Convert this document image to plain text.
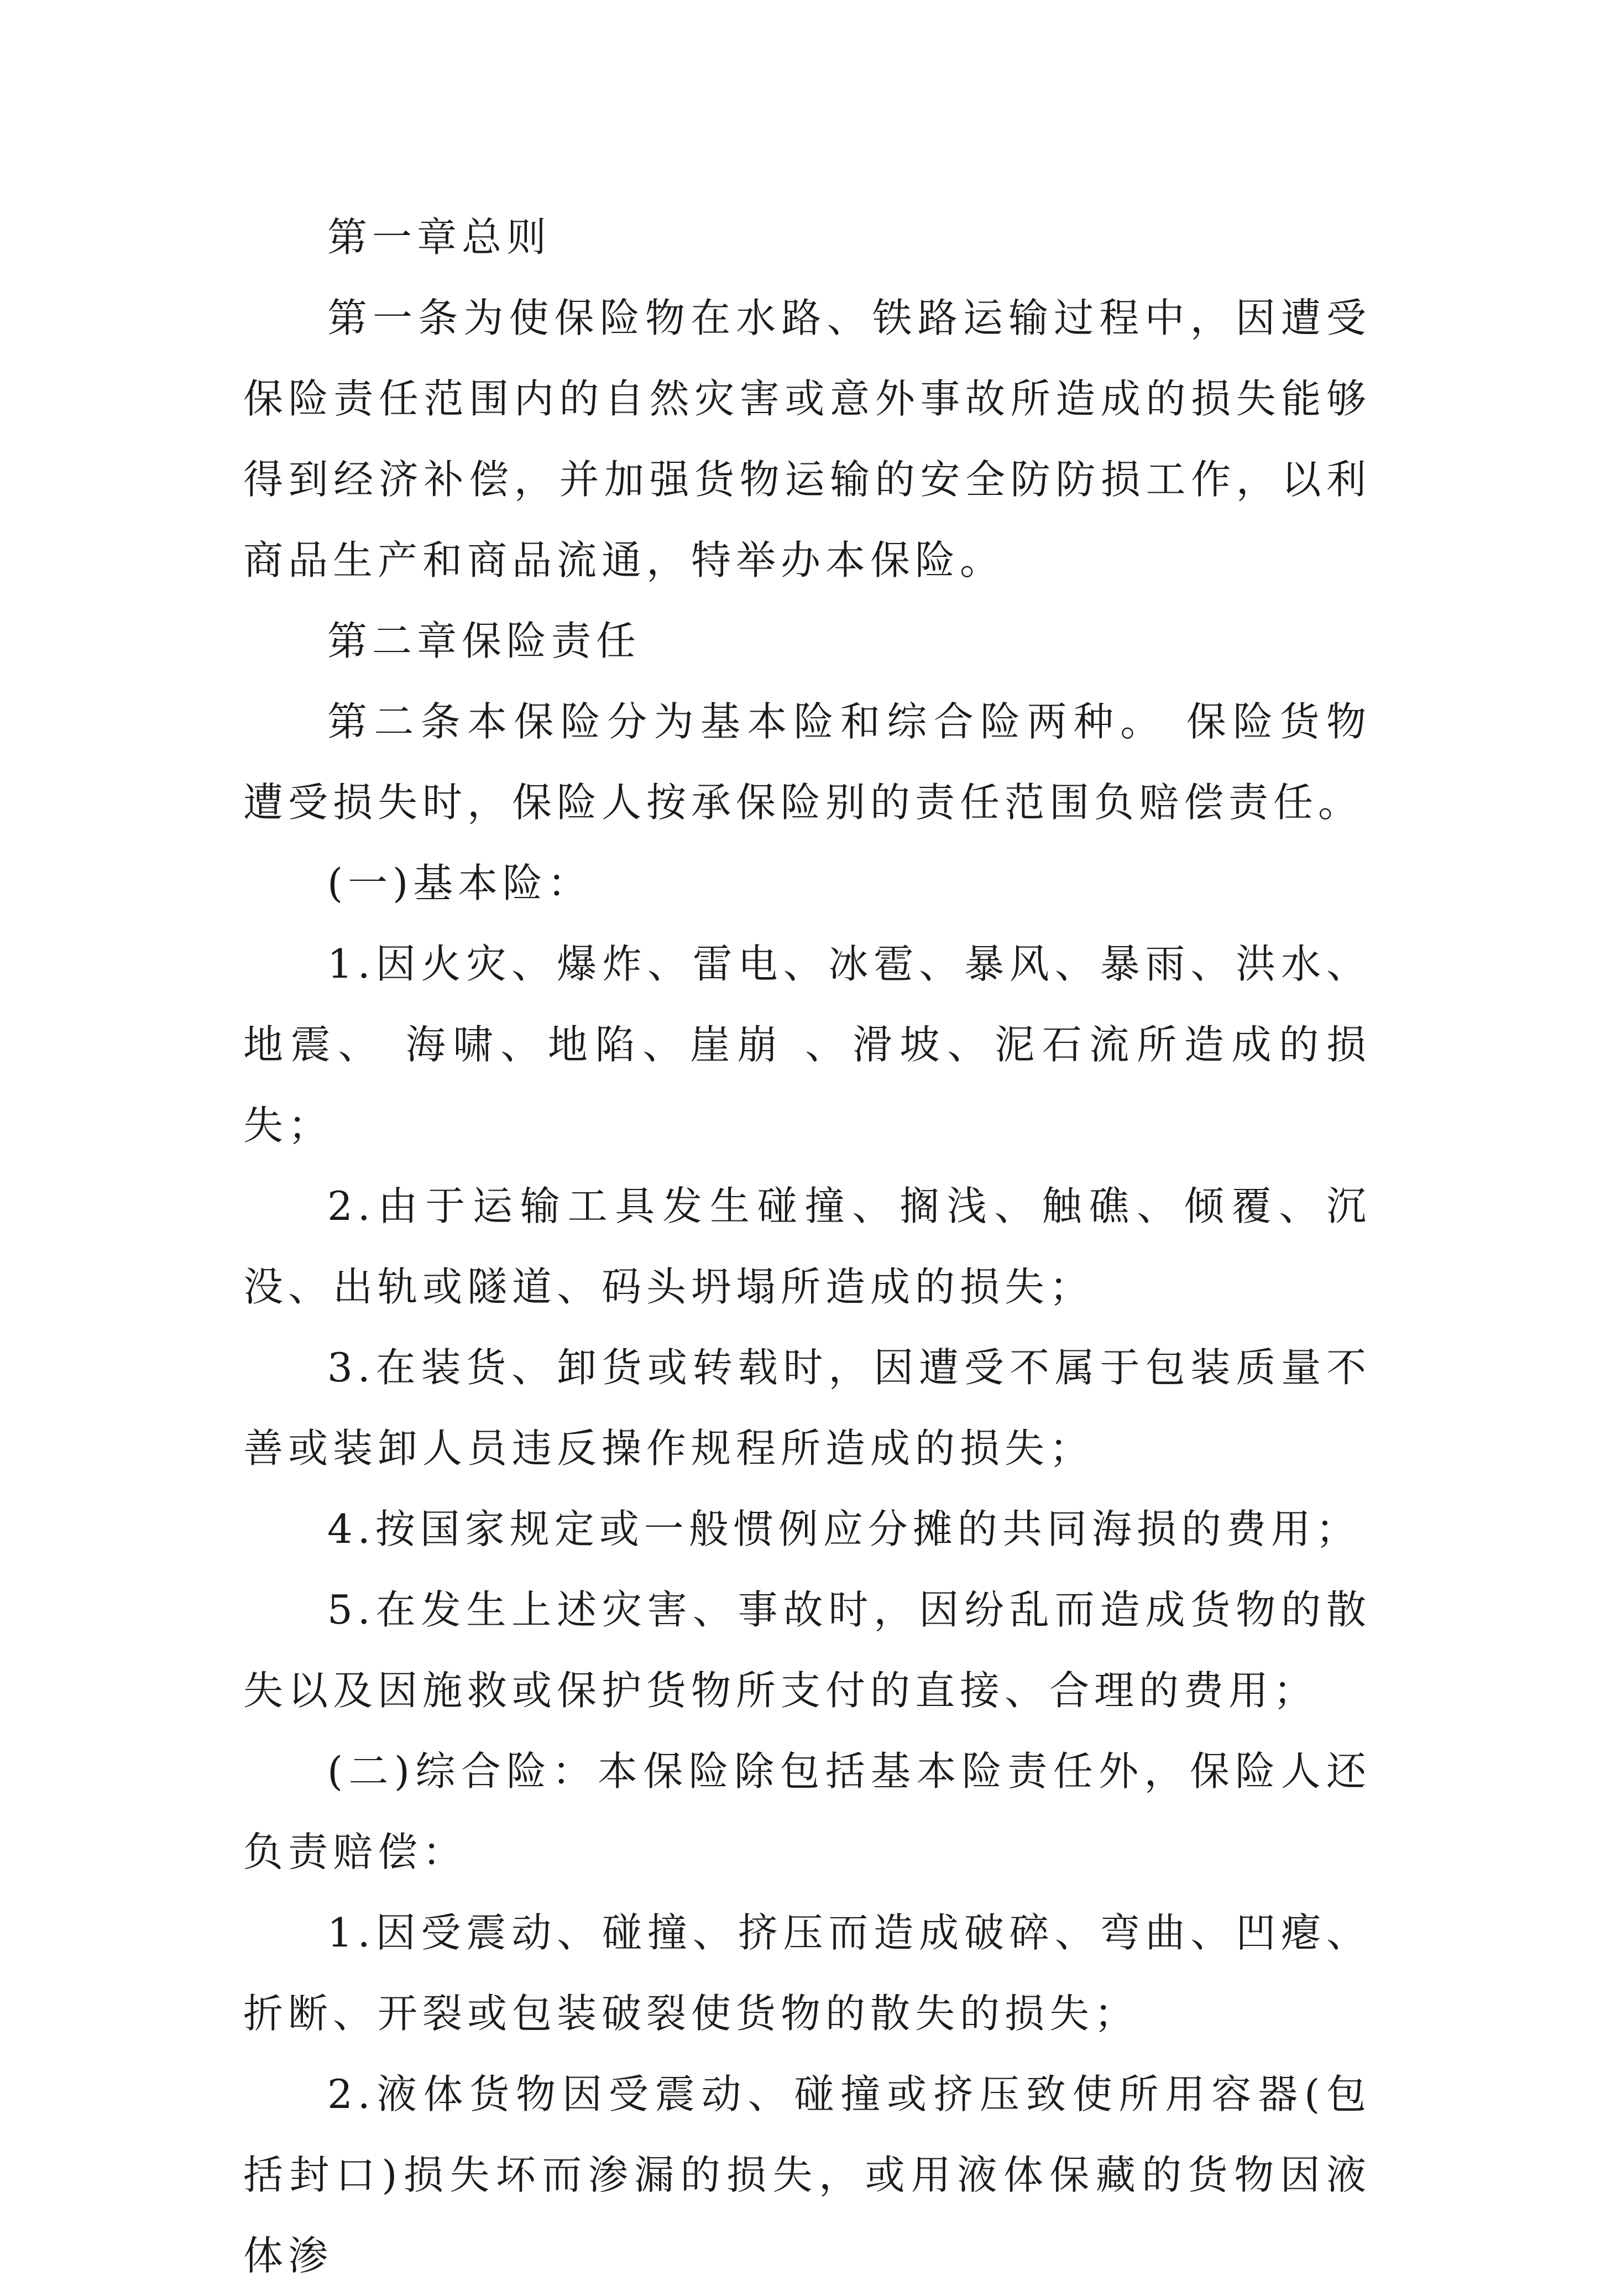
第一章总则

第一条为使保险物在水路、铁路运输过程中，因遭受保险责任范围内的自然灾害或意外事故所造成的损失能够得到经济补偿，并加强货物运输的安全防防损工作，以利商品生产和商品流通，特举办本保险。

第二章保险责任

第二条本保险分为基本险和综合险两种。 保险货物遭受损失时，保险人按承保险别的责任范围负赔偿责任。

(一)基本险：

1.因火灾、爆炸、雷电、冰雹、暴风、暴雨、洪水、地震、 海啸、地陷、崖崩 、滑坡、泥石流所造成的损失；

2.由于运输工具发生碰撞、搁浅、触礁、倾覆、沉没、出轨或隧道、码头坍塌所造成的损失；

3.在装货、卸货或转载时，因遭受不属于包装质量不善或装卸人员违反操作规程所造成的损失；

4.按国家规定或一般惯例应分摊的共同海损的费用；

5.在发生上述灾害、事故时，因纷乱而造成货物的散失以及因施救或保护货物所支付的直接、合理的费用；

(二)综合险：本保险除包括基本险责任外，保险人还负责赔偿：

1.因受震动、碰撞、挤压而造成破碎、弯曲、凹瘪、折断、开裂或包装破裂使货物的散失的损失；

2.液体货物因受震动、碰撞或挤压致使所用容器(包括封口)损失坏而渗漏的损失，或用液体保藏的货物因液体渗
